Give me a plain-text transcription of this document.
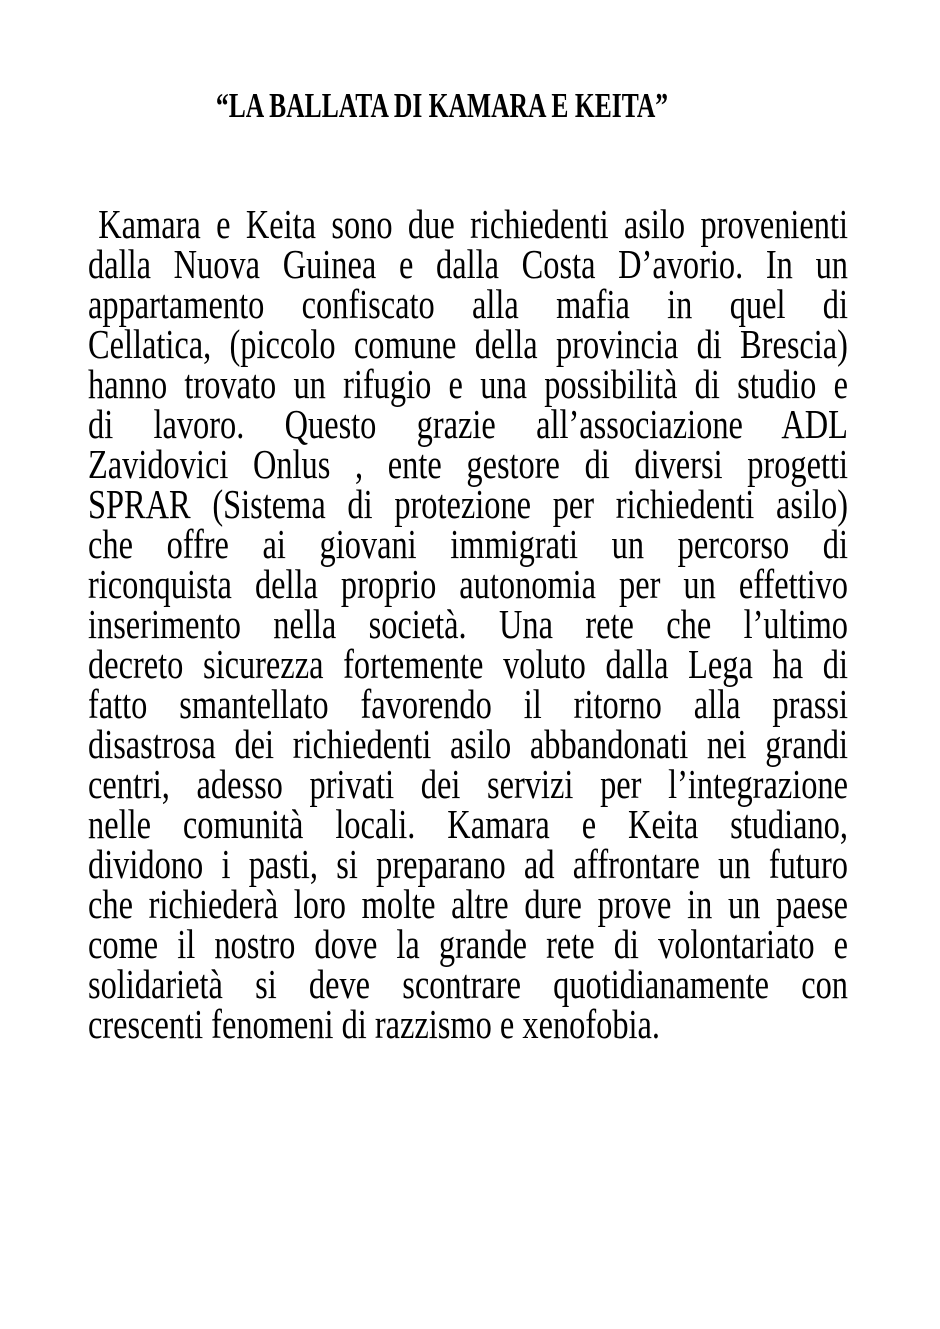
“LA BALLATA DI KAMARA E KEITA”
Kamara e Keita sono due richiedenti asilo provenienti
dalla Nuova Guinea e dalla Costa D’avorio. In un
appartamento confiscato alla mafia in quel di
Cellatica, (piccolo comune della provincia di Brescia)
hanno trovato un rifugio e una possibilità di studio e
di lavoro. Questo grazie all’associazione ADL
Zavidovici Onlus , ente gestore di diversi progetti
SPRAR (Sistema di protezione per richiedenti asilo)
che offre ai giovani immigrati un percorso di
riconquista della proprio autonomia per un effettivo
inserimento nella società. Una rete che l’ultimo
decreto sicurezza fortemente voluto dalla Lega ha di
fatto smantellato favorendo il ritorno alla prassi
disastrosa dei richiedenti asilo abbandonati nei grandi
centri, adesso privati dei servizi per l’integrazione
nelle comunità locali. Kamara e Keita studiano,
dividono i pasti, si preparano ad affrontare un futuro
che richiederà loro molte altre dure prove in un paese
come il nostro dove la grande rete di volontariato e
solidarietà si deve scontrare quotidianamente con
crescenti fenomeni di razzismo e xenofobia.
